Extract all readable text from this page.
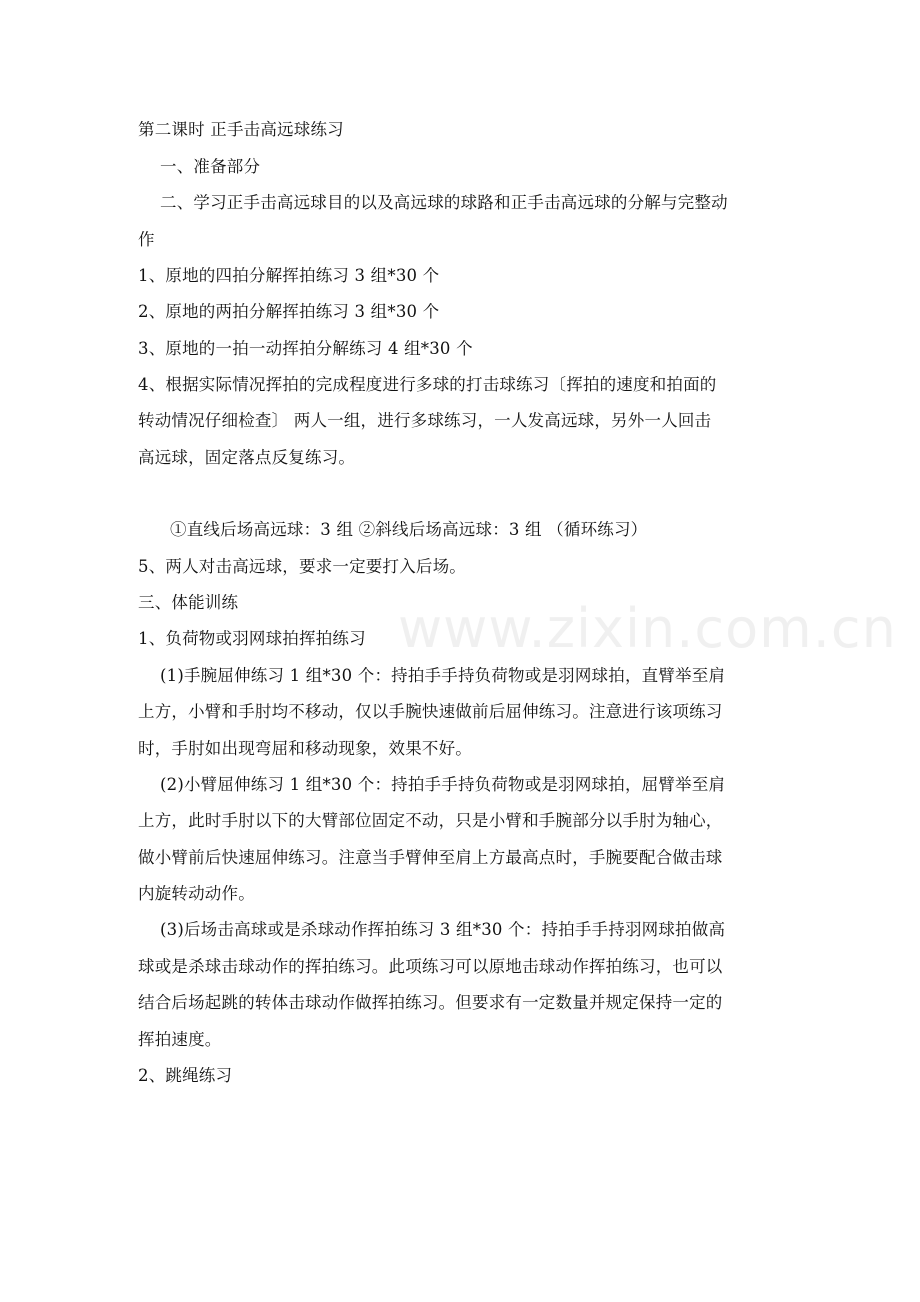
www.zixin.com.cn
第二课时 正手击高远球练习
一、准备部分
二、学习正手击高远球目的以及高远球的球路和正手击高远球的分解与完整动
作
1、原地的四拍分解挥拍练习 3 组*30 个
2、原地的两拍分解挥拍练习 3 组*30 个
3、原地的一拍一动挥拍分解练习 4 组*30 个
4、根据实际情况挥拍的完成程度进行多球的打击球练习〔挥拍的速度和拍面的
转动情况仔细检查〕 两人一组，进行多球练习，一人发高远球，另外一人回击
高远球，固定落点反复练习。
①直线后场高远球：3 组 ②斜线后场高远球：3 组 （循环练习）
5、两人对击高远球，要求一定要打入后场。
三、体能训练
1、负荷物或羽网球拍挥拍练习
(1)手腕屈伸练习 1 组*30 个：持拍手手持负荷物或是羽网球拍，直臂举至肩
上方，小臂和手肘均不移动，仅以手腕快速做前后屈伸练习。注意进行该项练习
时，手肘如出现弯屈和移动现象，效果不好。
(2)小臂屈伸练习 1 组*30 个：持拍手手持负荷物或是羽网球拍，屈臂举至肩
上方，此时手肘以下的大臂部位固定不动，只是小臂和手腕部分以手肘为轴心，
做小臂前后快速屈伸练习。注意当手臂伸至肩上方最高点时，手腕要配合做击球
内旋转动动作。
(3)后场击高球或是杀球动作挥拍练习 3 组*30 个：持拍手手持羽网球拍做高
球或是杀球击球动作的挥拍练习。此项练习可以原地击球动作挥拍练习，也可以
结合后场起跳的转体击球动作做挥拍练习。但要求有一定数量并规定保持一定的
挥拍速度。
2、跳绳练习
